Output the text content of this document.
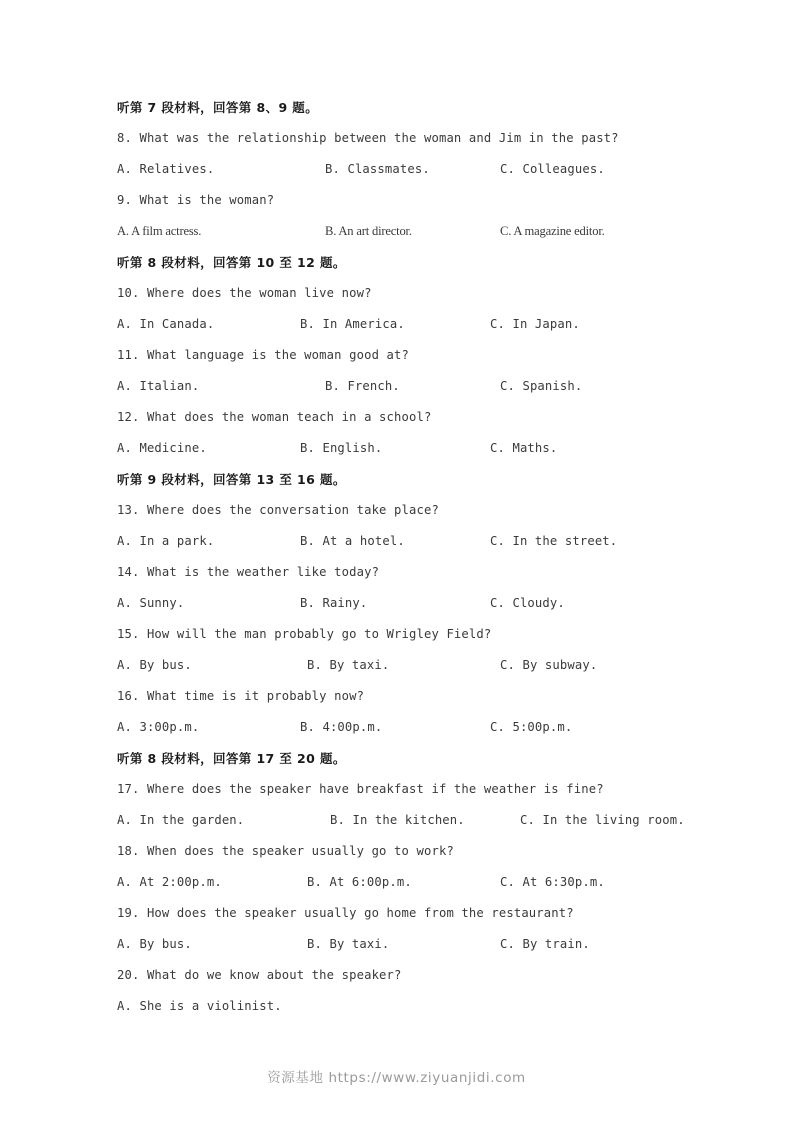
听第 7 段材料，回答第 8、9 题。
8. What was the relationship between the woman and Jim in the past?
A. Relatives.	B. Classmates.	C. Colleagues.
9. What is the woman?
A. A film actress.	B. An art director.	C. A magazine editor.
听第 8 段材料，回答第 10 至 12 题。
10. Where does the woman live now?
A. In Canada.	B. In America.	C. In Japan.
11. What language is the woman good at?
A. Italian.	B. French.	C. Spanish.
12. What does the woman teach in a school?
A. Medicine.	B. English.	C. Maths.
听第 9 段材料，回答第 13 至 16 题。
13. Where does the conversation take place?
A. In a park.	B. At a hotel.	C. In the street.
14. What is the weather like today?
A. Sunny.	B. Rainy.	C. Cloudy.
15. How will the man probably go to Wrigley Field?
A. By bus.	B. By taxi.	C. By subway.
16. What time is it probably now?
A. 3:00p.m.	B. 4:00p.m.	C. 5:00p.m.
听第 8 段材料，回答第 17 至 20 题。
17. Where does the speaker have breakfast if the weather is fine?
A. In the garden.	B. In the kitchen.	C. In the living room.
18. When does the speaker usually go to work?
A. At 2:00p.m.	B. At 6:00p.m.	C. At 6:30p.m.
19. How does the speaker usually go home from the restaurant?
A. By bus.	B. By taxi.	C. By train.
20. What do we know about the speaker?
A. She is a violinist.
资源基地 https://www.ziyuanjidi.com
